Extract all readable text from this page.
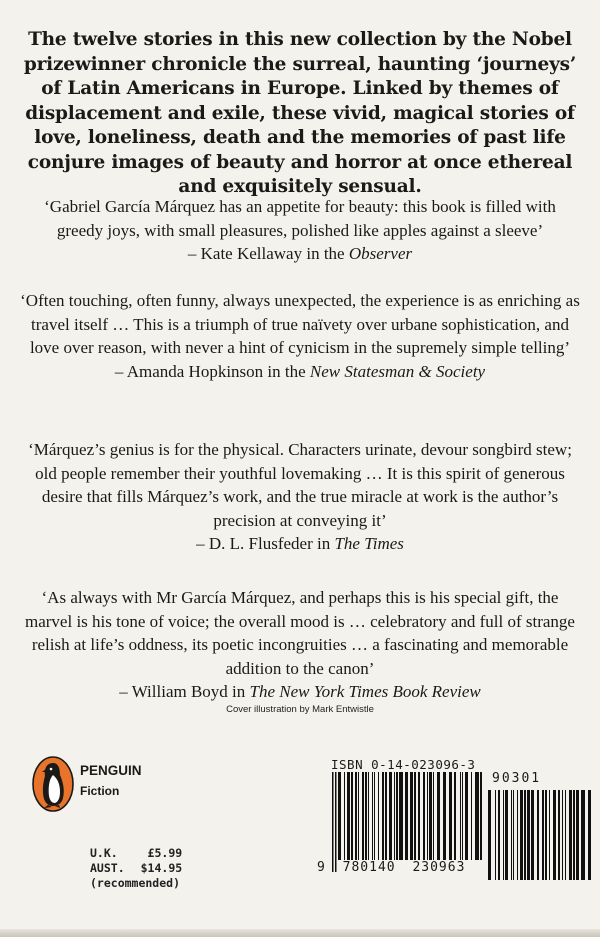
The twelve stories in this new collection by the Nobel prizewinner chronicle the surreal, haunting ‘journeys’ of Latin Americans in Europe. Linked by themes of displacement and exile, these vivid, magical stories of love, loneliness, death and the memories of past life conjure images of beauty and horror at once ethereal and exquisitely sensual.

‘Gabriel García Márquez has an appetite for beauty: this book is filled with greedy joys, with small pleasures, polished like apples against a sleeve’
– Kate Kellaway in the Observer
‘Often touching, often funny, always unexpected, the experience is as enriching as travel itself … This is a triumph of true naïvety over urbane sophistication, and love over reason, with never a hint of cynicism in the supremely simple telling’
– Amanda Hopkinson in the New Statesman & Society
‘Márquez’s genius is for the physical. Characters urinate, devour songbird stew; old people remember their youthful lovemaking … It is this spirit of generous desire that fills Márquez’s work, and the true miracle at work is the author’s precision at conveying it’
– D. L. Flusfeder in The Times
‘As always with Mr García Márquez, and perhaps this is his special gift, the marvel is his tone of voice; the overall mood is … celebratory and full of strange relish at life’s oddness, its poetic incongruities … a fascinating and memorable addition to the canon’
– William Boyd in The New York Times Book Review
Cover illustration by Mark Entwistle
PENGUIN
Fiction
U.K.	£5.99
AUST.	$14.95
(recommended)
ISBN 0-14-023096-3
9 780140 230963
90301
